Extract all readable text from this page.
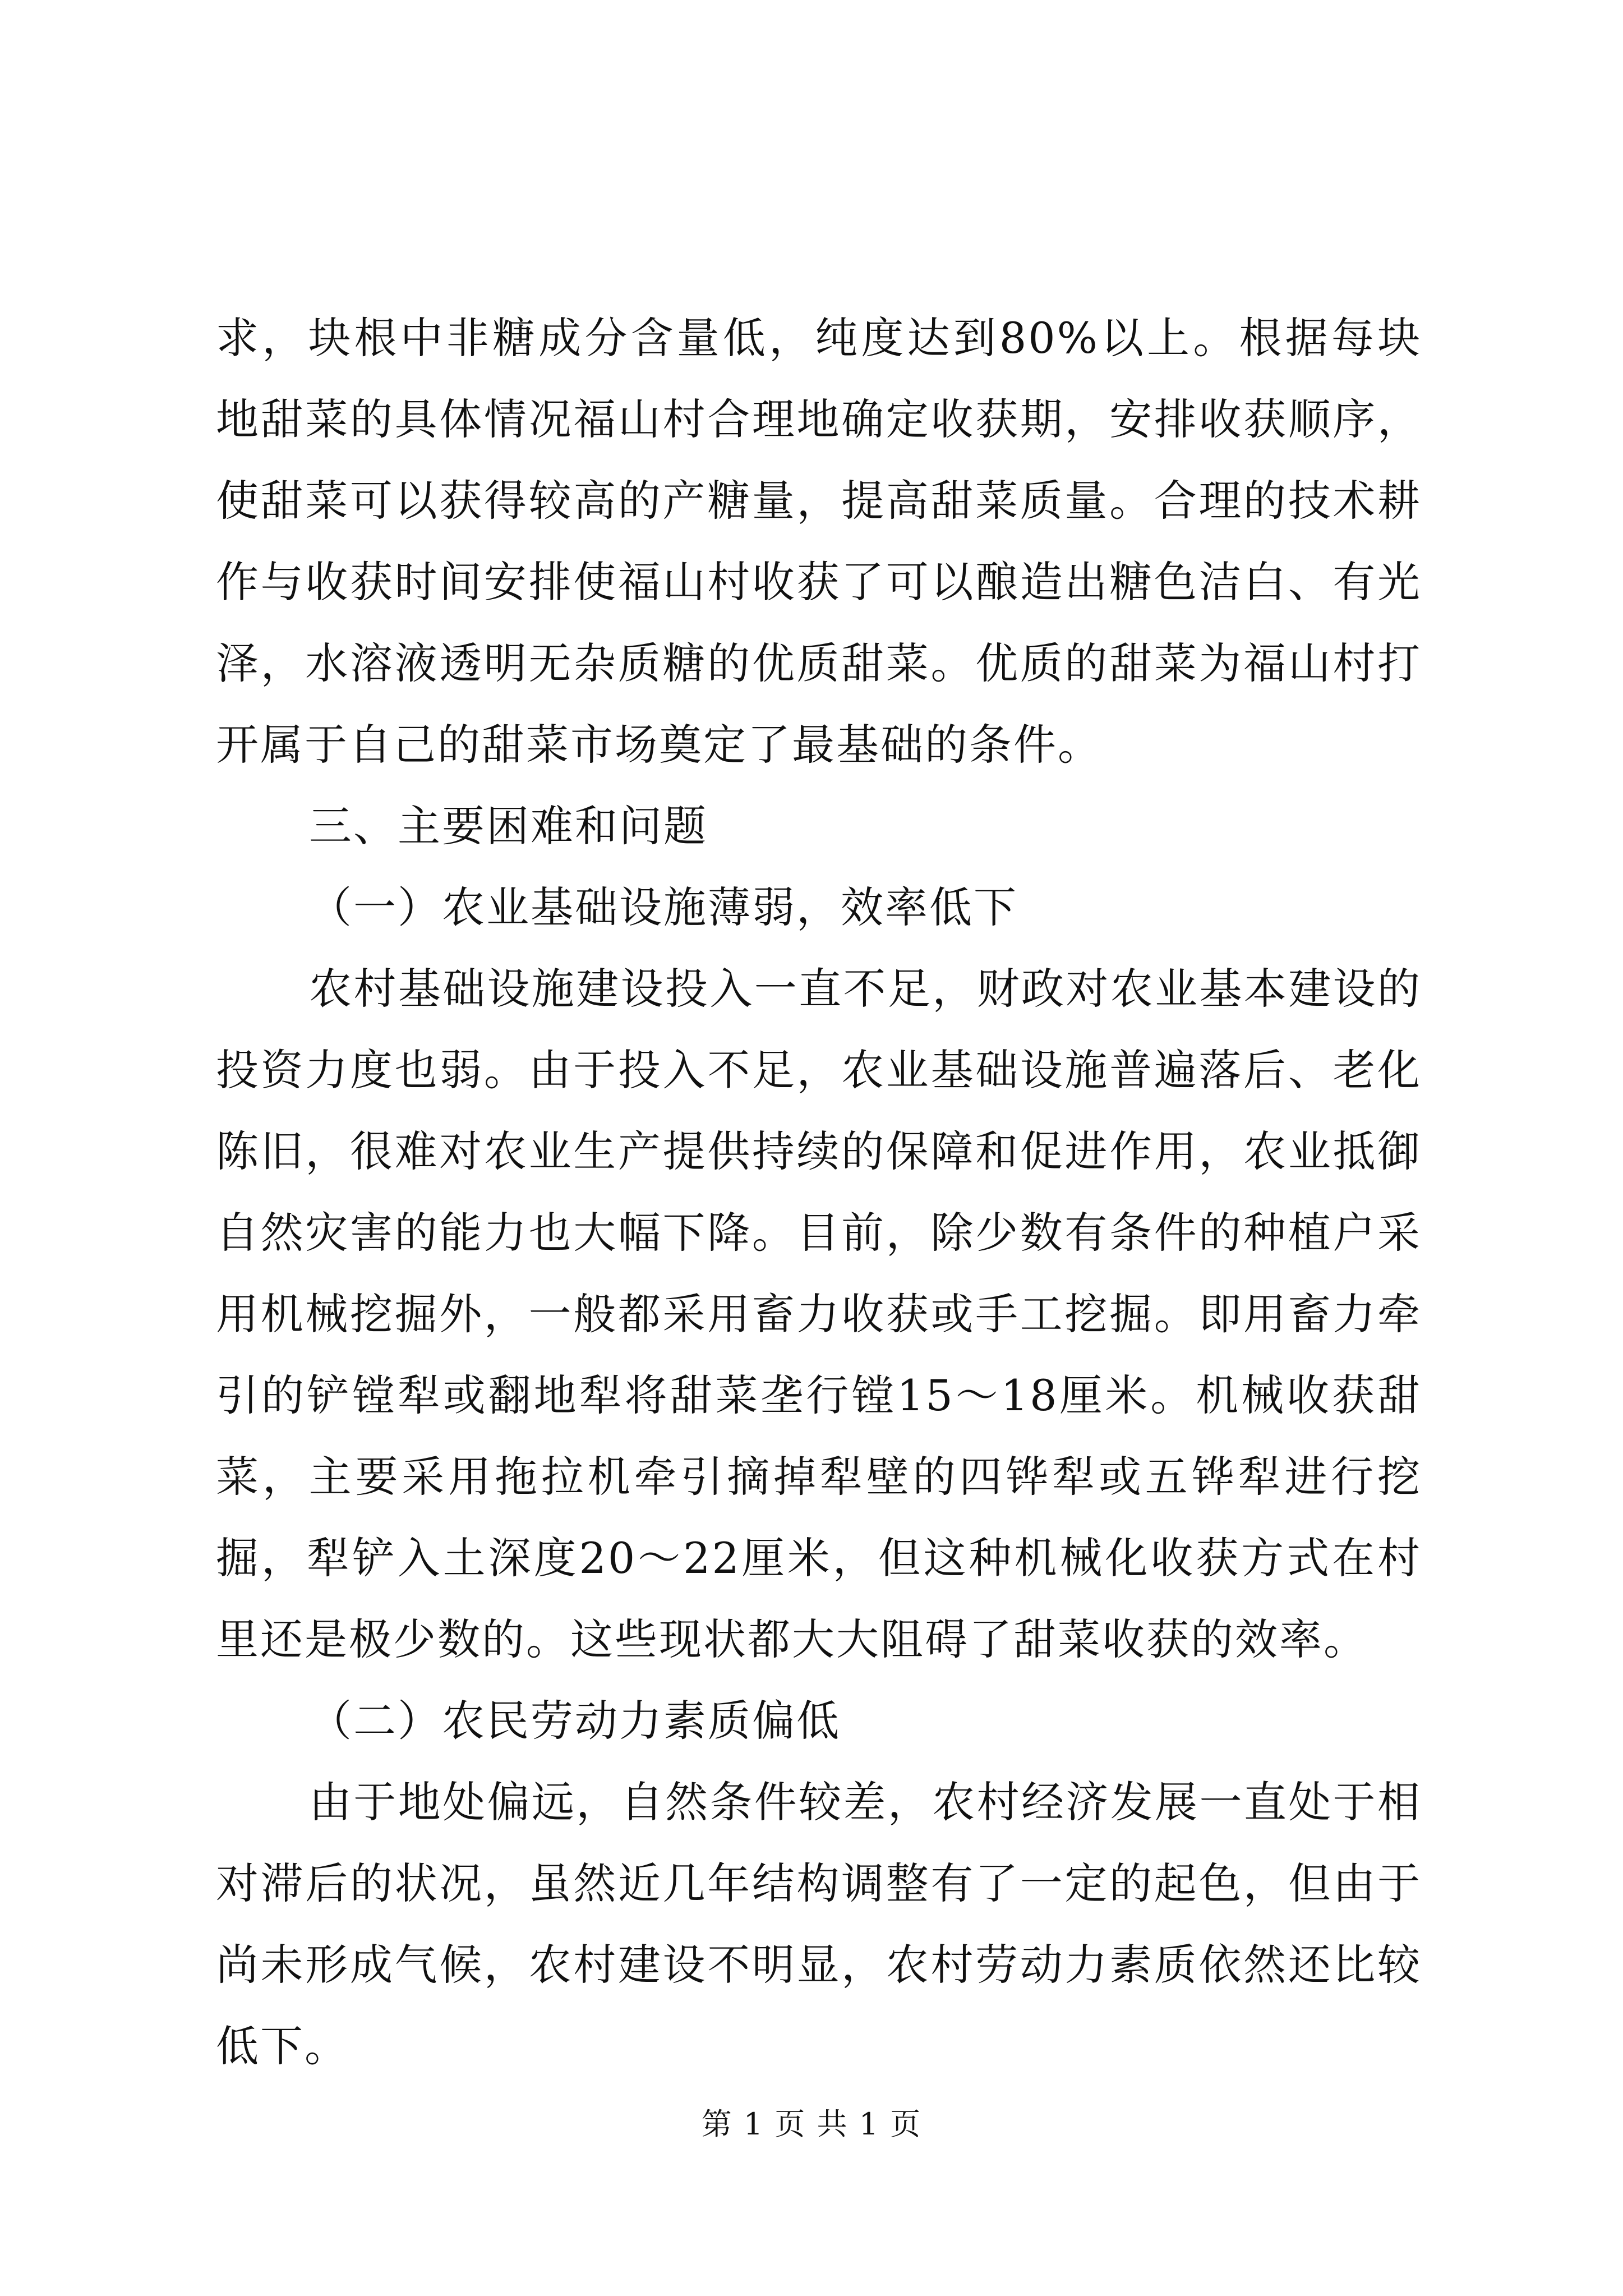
求，块根中非糖成分含量低，纯度达到80%以上。根据每块地甜菜的具体情况福山村合理地确定收获期，安排收获顺序，使甜菜可以获得较高的产糖量，提高甜菜质量。合理的技术耕作与收获时间安排使福山村收获了可以酿造出糖色洁白、有光泽，水溶液透明无杂质糖的优质甜菜。优质的甜菜为福山村打开属于自己的甜菜市场奠定了最基础的条件。

三、主要困难和问题

（一）农业基础设施薄弱，效率低下

农村基础设施建设投入一直不足，财政对农业基本建设的投资力度也弱。由于投入不足，农业基础设施普遍落后、老化陈旧，很难对农业生产提供持续的保障和促进作用，农业抵御自然灾害的能力也大幅下降。目前，除少数有条件的种植户采用机械挖掘外，一般都采用畜力收获或手工挖掘。即用畜力牵引的铲镗犁或翻地犁将甜菜垄行镗15～18厘米。机械收获甜菜，主要采用拖拉机牵引摘掉犁壁的四铧犁或五铧犁进行挖掘，犁铲入土深度20～22厘米，但这种机械化收获方式在村里还是极少数的。这些现状都大大阻碍了甜菜收获的效率。

（二）农民劳动力素质偏低

由于地处偏远，自然条件较差，农村经济发展一直处于相对滞后的状况，虽然近几年结构调整有了一定的起色，但由于尚未形成气候，农村建设不明显，农村劳动力素质依然还比较低下。

第 1 页 共 1 页
